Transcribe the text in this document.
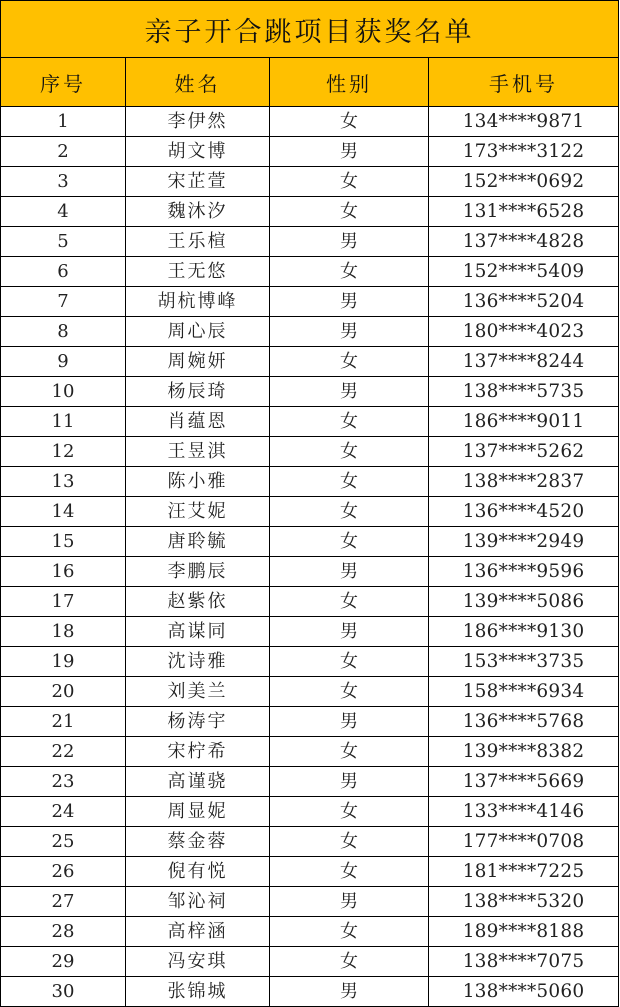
亲子开合跳项目获奖名单			
序号	姓名	性别	手机号
1	李伊然	女	134****9871
2	胡文博	男	173****3122
3	宋芷萱	女	152****0692
4	魏沐汐	女	131****6528
5	王乐楦	男	137****4828
6	王无悠	女	152****5409
7	胡杭博峰	男	136****5204
8	周心辰	男	180****4023
9	周婉妍	女	137****8244
10	杨辰琦	男	138****5735
11	肖蕴恩	女	186****9011
12	王昱淇	女	137****5262
13	陈小雅	女	138****2837
14	汪艾妮	女	136****4520
15	唐聆毓	女	139****2949
16	李鹏辰	男	136****9596
17	赵紫依	女	139****5086
18	高谋同	男	186****9130
19	沈诗雅	女	153****3735
20	刘美兰	女	158****6934
21	杨涛宇	男	136****5768
22	宋柠希	女	139****8382
23	高谨骁	男	137****5669
24	周显妮	女	133****4146
25	蔡金蓉	女	177****0708
26	倪有悦	女	181****7225
27	邹沁祠	男	138****5320
28	高梓涵	女	189****8188
29	冯安琪	女	138****7075
30	张锦城	男	138****5060
